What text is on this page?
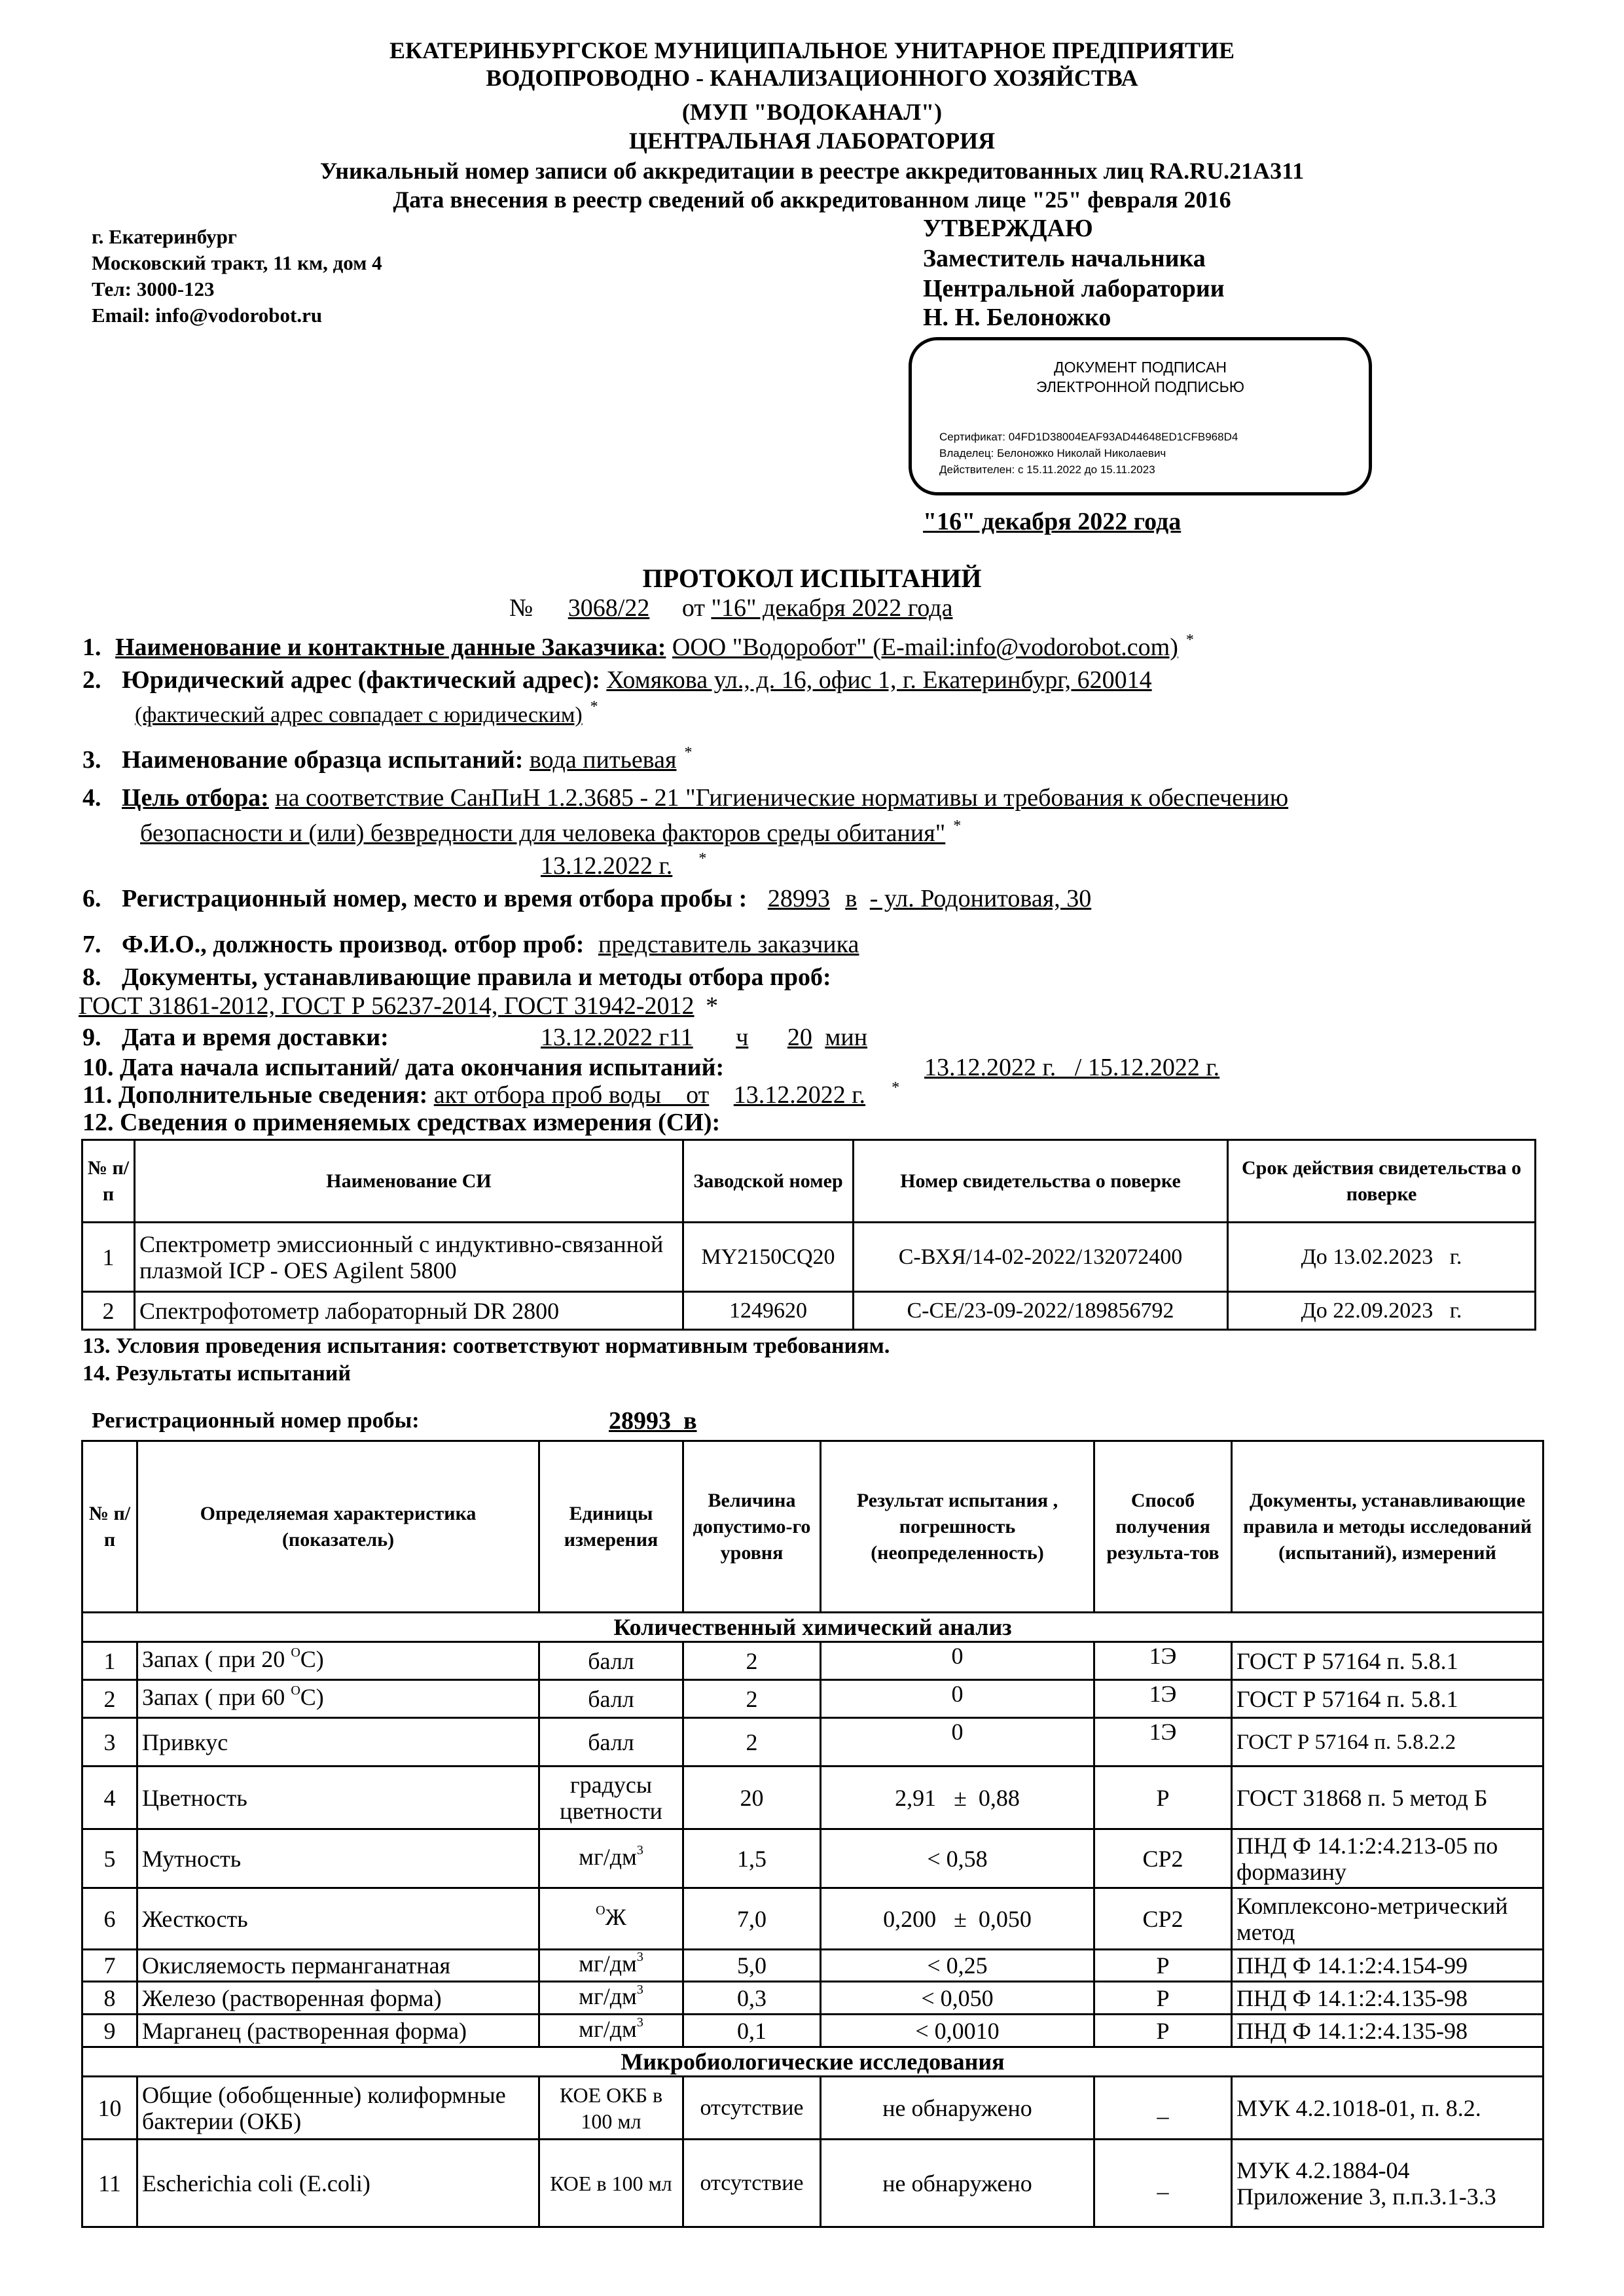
ЕКАТЕРИНБУРГСКОЕ МУНИЦИПАЛЬНОЕ УНИТАРНОЕ ПРЕДПРИЯТИЕ
ВОДОПРОВОДНО - КАНАЛИЗАЦИОННОГО ХОЗЯЙСТВА
(МУП "ВОДОКАНАЛ")
ЦЕНТРАЛЬНАЯ ЛАБОРАТОРИЯ
Уникальный номер записи об аккредитации в реестре аккредитованных лиц RA.RU.21A311
Дата внесения в реестр сведений об аккредитованном лице "25" февраля 2016
г. Екатеринбург
Московский тракт, 11 км, дом 4
Тел: 3000-123
Email: info@vodorobot.ru
УТВЕРЖДАЮ
Заместитель начальника
Центральной лаборатории
Н. Н. Белоножко
ДОКУМЕНТ ПОДПИСАН
ЭЛЕКТРОННОЙ ПОДПИСЬЮ
Сертификат: 04FD1D38004EAF93AD44648ED1CFB968D4
Владелец: Белоножко Николай Николаевич
Действителен: с 15.11.2022 до 15.11.2023
"16" декабря 2022 года
ПРОТОКОЛ ИСПЫТАНИЙ
№ 3068/22 от "16" декабря 2022 года
1. Наименование и контактные данные Заказчика: ООО "Водоробот" (E-mail:info@vodorobot.com) *
2. Юридический адрес (фактический адрес): Хомякова ул., д. 16, офис 1, г. Екатеринбург, 620014
(фактический адрес совпадает с юридическим) *
3. Наименование образца испытаний: вода питьевая *
4. Цель отбора: на соответствие СанПиН 1.2.3685 - 21 "Гигиенические нормативы и требования к обеспечению
безопасности и (или) безвредности для человека факторов среды обитания" *
13.12.2022 г. *
6. Регистрационный номер, место и время отбора пробы : 28993 в - ул. Родонитовая, 30
7. Ф.И.О., должность производ. отбор проб: представитель заказчика
8. Документы, устанавливающие правила и методы отбора проб:
ГОСТ 31861-2012, ГОСТ Р 56237-2014, ГОСТ 31942-2012 *
9. Дата и время доставки:	13.12.2022 г11 ч 20 мин
10. Дата начала испытаний/ дата окончания испытаний:	13.12.2022 г.   / 15.12.2022 г.
11. Дополнительные сведения: акт отбора проб воды    от 13.12.2022 г. *
12. Сведения о применяемых средствах измерения (СИ):
№ п/п	Наименование СИ	Заводской номер	Номер свидетельства о поверке	Срок действия свидетельства о поверке
1	Спектрометр эмиссионный с индуктивно-связанной плазмой ICP - OES Agilent 5800	MY2150CQ20	С-ВХЯ/14-02-2022/132072400	До 13.02.2023   г.
2	Спектрофотометр лабораторный DR 2800	1249620	С-СЕ/23-09-2022/189856792	До 22.09.2023   г.
13. Условия проведения испытания: соответствуют нормативным требованиям.
14. Результаты испытаний
Регистрационный номер пробы:	28993  в
№ п/п	Определяемая характеристика (показатель)	Единицы измерения	Величина допустимо-го уровня	Результат испытания , погрешность (неопределенность)	Способ получения результа-тов	Документы, устанавливающие правила и методы исследований (испытаний), измерений
Количественный химический анализ						
1	Запах ( при 20 $^O$С)	балл	2	0	1Э	ГОСТ Р 57164 п. 5.8.1
2	Запах ( при 60 $^O$С)	балл	2	0	1Э	ГОСТ Р 57164 п. 5.8.1
3	Привкус	балл	2	0	1Э	ГОСТ Р 57164 п. 5.8.2.2
4	Цветность	градусы цветности	20	2,91   ±  0,88	Р	ГОСТ 31868 п. 5 метод Б
5	Мутность	$мг/дм^3$	1,5	< 0,58	СР2	ПНД Ф 14.1:2:4.213-05 по формазину
6	Жесткость	$^О$Ж	7,0	0,200   ±  0,050	СР2	Комплексоно-метрический метод
7	Окисляемость перманганатная	$мг/дм^3$	5,0	< 0,25	Р	ПНД Ф 14.1:2:4.154-99
8	Железо (растворенная форма)	$мг/дм^3$	0,3	< 0,050	Р	ПНД Ф 14.1:2:4.135-98
9	Марганец (растворенная форма)	$мг/дм^3$	0,1	< 0,0010	Р	ПНД Ф 14.1:2:4.135-98
Микробиологические исследования						
10	Общие (обобщенные) колиформные бактерии (ОКБ)	КОЕ ОКБ в 100 мл	отсутствие	не обнаружено	_	МУК 4.2.1018-01, п. 8.2.
11	Escherichia coli (E.coli)	КОЕ в 100 мл	отсутствие	не обнаружено	_	МУК 4.2.1884-04 Приложение 3, п.п.3.1-3.3
